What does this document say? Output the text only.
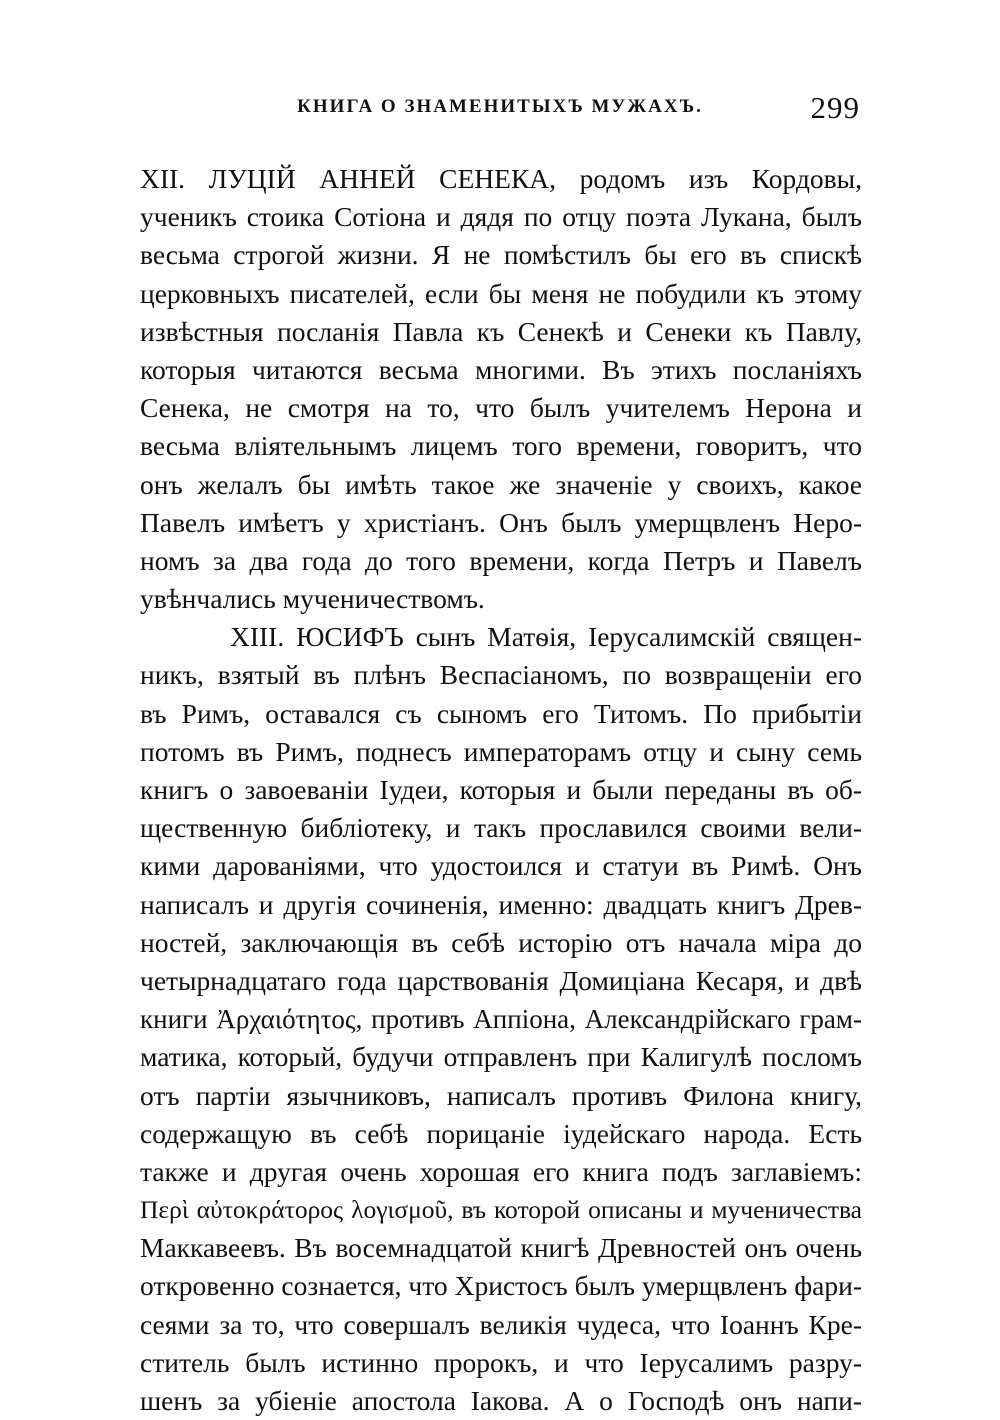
КНИГА О ЗНАМЕНИТЫХЪ МУЖАХЪ.	299
XII. ЛУЦІЙ АННЕЙ СЕНЕКА, родомъ изъ Кордовы,
ученикъ стоика Сотіона и дядя по отцу поэта Лукана, былъ
весьма строгой жизни. Я не помѣстилъ бы его въ спискѣ
церковныхъ писателей, если бы меня не побудили къ этому
извѣстныя посланія Павла къ Сенекѣ и Сенеки къ Павлу,
которыя читаются весьма многими. Въ этихъ посланіяхъ
Сенека, не смотря на то, что былъ учителемъ Нерона и
весьма вліятельнымъ лицемъ того времени, говоритъ, что
онъ желалъ бы имѣть такое же значеніе у своихъ, какое
Павелъ имѣетъ у христіанъ. Онъ былъ умерщвленъ Неро-
номъ за два года до того времени, когда Петръ и Павелъ
увѣнчались мученичествомъ.
XIII. ЮСИФЪ сынъ Матѳія, Іерусалимскій священ-
никъ, взятый въ плѣнъ Веспасіаномъ, по возвращеніи его
въ Римъ, оставался съ сыномъ его Титомъ. По прибытіи
потомъ въ Римъ, поднесъ императорамъ отцу и сыну семь
книгъ о завоеваніи Іудеи, которыя и были переданы въ об-
щественную библіотеку, и такъ прославился своими вели-
кими дарованіями, что удостоился и статуи въ Римѣ. Онъ
написалъ и другія сочиненія, именно: двадцать книгъ Древ-
ностей, заключающія въ себѣ исторію отъ начала міра до
четырнадцатаго года царствованія Домиціана Кесаря, и двѣ
книги Ἀρχαιότητος, противъ Аппіона, Александрійскаго грам-
матика, который, будучи отправленъ при Калигулѣ посломъ
отъ партіи язычниковъ, написалъ противъ Филона книгу,
содержащую въ себѣ порицаніе іудейскаго народа. Есть
также и другая очень хорошая его книга подъ заглавіемъ:
Περὶ αὐτοκράτορος λογισμοῦ, въ которой описаны и мученичества
Маккавеевъ. Въ восемнадцатой книгѣ Древностей онъ очень
откровенно сознается, что Христосъ былъ умерщвленъ фари-
сеями за то, что совершалъ великія чудеса, что Іоаннъ Кре-
ститель былъ истинно пророкъ, и что Іерусалимъ разру-
шенъ за убіеніе апостола Іакова. А о Господѣ онъ напи-
